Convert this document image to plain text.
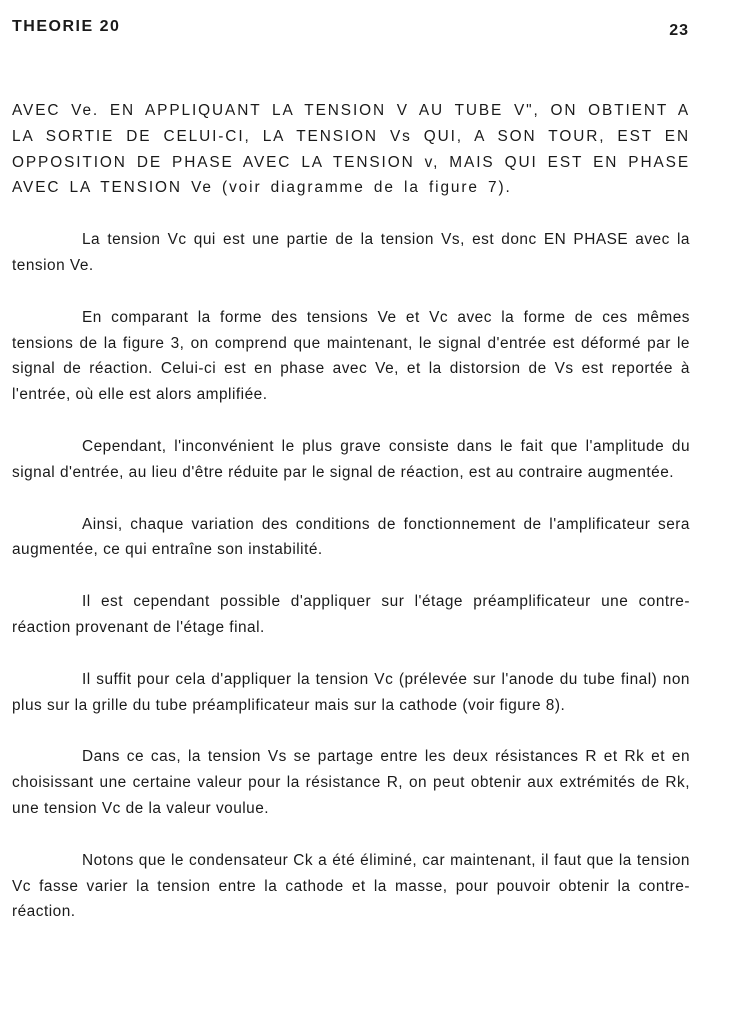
THEORIE 20	23

AVEC Ve. EN APPLIQUANT LA TENSION V AU TUBE V", ON OBTIENT A LA SORTIE DE CELUI-CI, LA TENSION Vs QUI, A SON TOUR, EST EN OPPOSITION DE PHASE AVEC LA TENSION v, MAIS QUI EST EN PHASE AVEC LA TENSION Ve (voir diagramme de la figure 7).

La tension Vc qui est une partie de la tension Vs, est donc EN PHASE avec la tension Ve.

En comparant la forme des tensions Ve et Vc avec la forme de ces mêmes tensions de la figure 3, on comprend que maintenant, le signal d'entrée est déformé par le signal de réaction. Celui-ci est en phase avec Ve, et la distorsion de Vs est reportée à l'entrée, où elle est alors amplifiée.

Cependant, l'inconvénient le plus grave consiste dans le fait que l'amplitude du signal d'entrée, au lieu d'être réduite par le signal de réaction, est au contraire augmentée.

Ainsi, chaque variation des conditions de fonctionnement de l'amplificateur sera augmentée, ce qui entraîne son instabilité.

Il est cependant possible d'appliquer sur l'étage préamplificateur une contre-réaction provenant de l'étage final.

Il suffit pour cela d'appliquer la tension Vc (prélevée sur l'anode du tube final) non plus sur la grille du tube préamplificateur mais sur la cathode (voir figure 8).

Dans ce cas, la tension Vs se partage entre les deux résistances R et Rk et en choisissant une certaine valeur pour la résistance R, on peut obtenir aux extrémités de Rk, une tension Vc de la valeur voulue.

Notons que le condensateur Ck a été éliminé, car maintenant, il faut que la tension Vc fasse varier la tension entre la cathode et la masse, pour pouvoir obtenir la contre-réaction.
